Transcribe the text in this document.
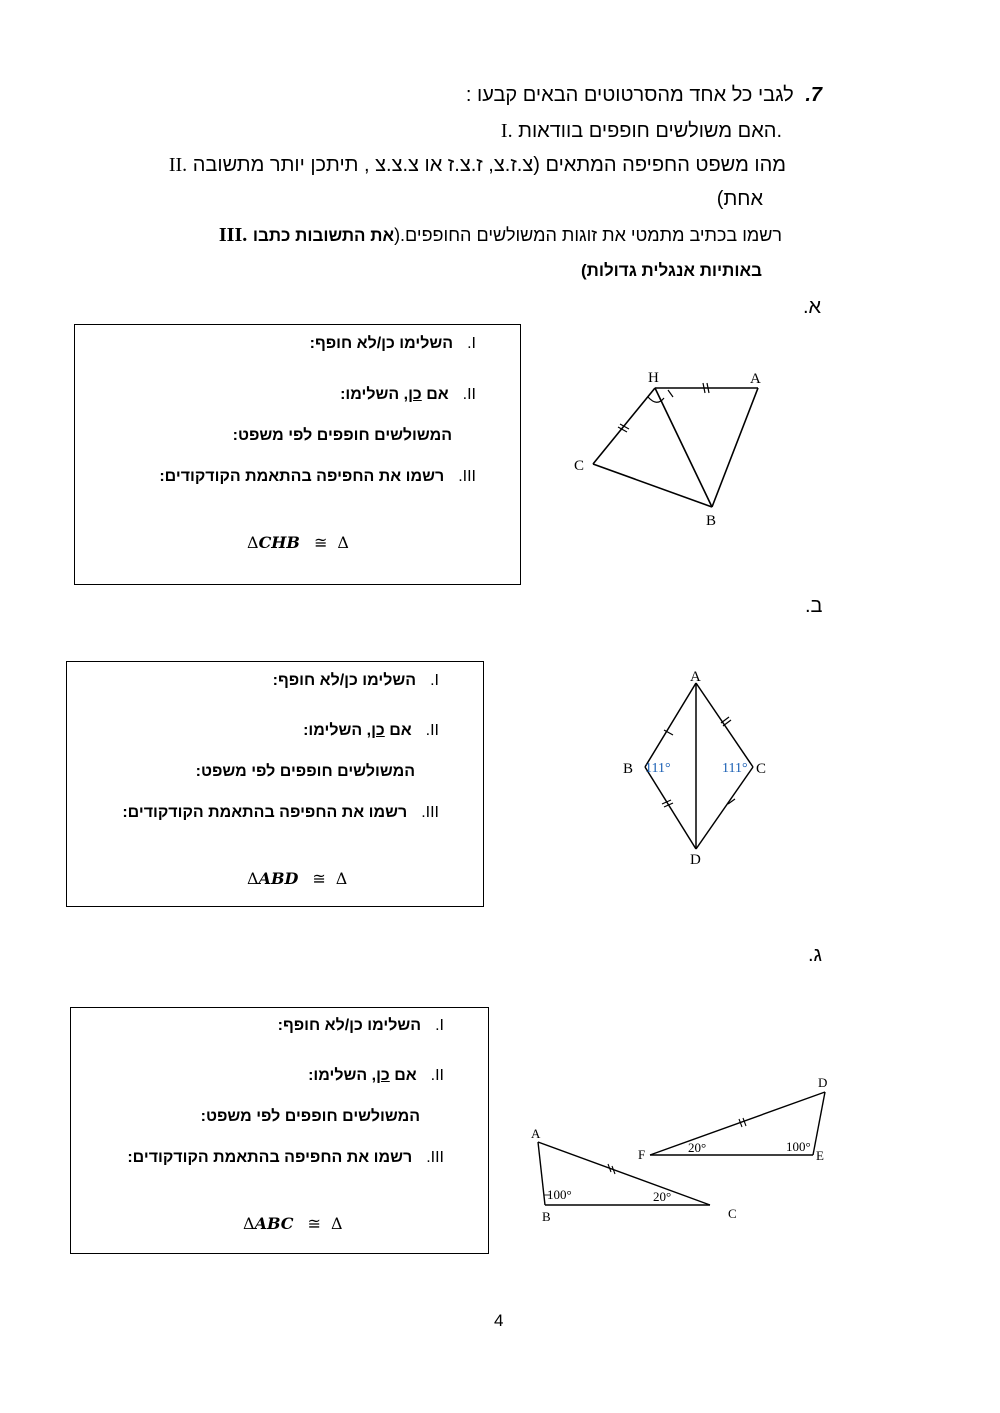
7. לגבי כל אחד מהסרטוטים הבאים קבעו :
I. האם משולשים חופפים בוודאות.
II. מהו משפט החפיפה המתאים (צ.ז.צ, ז.צ.ז או צ.צ.צ , תיתכן יותר מתשובה
אחת)
III.	רשמו בכתיב מתמטי את זוגות המשולשים החופפים.(את התשובות כתבו
באותיות אנגלית גדולות)
א.
I.השלימו כן/לא חופף:
II.אם כן, השלימו:
המשולשים חופפים לפי משפט:
III.רשמו את החפיפה בהתאמת הקודקודים:
ΔCHB ≅ Δ
H	A
C
B
ב.
I.השלימו כן/לא חופף:
II.אם כן, השלימו:
המשולשים חופפים לפי משפט:
III.רשמו את החפיפה בהתאמת הקודקודים:
ΔABD ≅ Δ
A
B	C
D
111°	111°
ג.
I.השלימו כן/לא חופף:
II.אם כן, השלימו:
המשולשים חופפים לפי משפט:
III.רשמו את החפיפה בהתאמת הקודקודים:
ΔABC ≅ Δ
A
B	C
D
E
F
100°	20°
20°	100°
4
